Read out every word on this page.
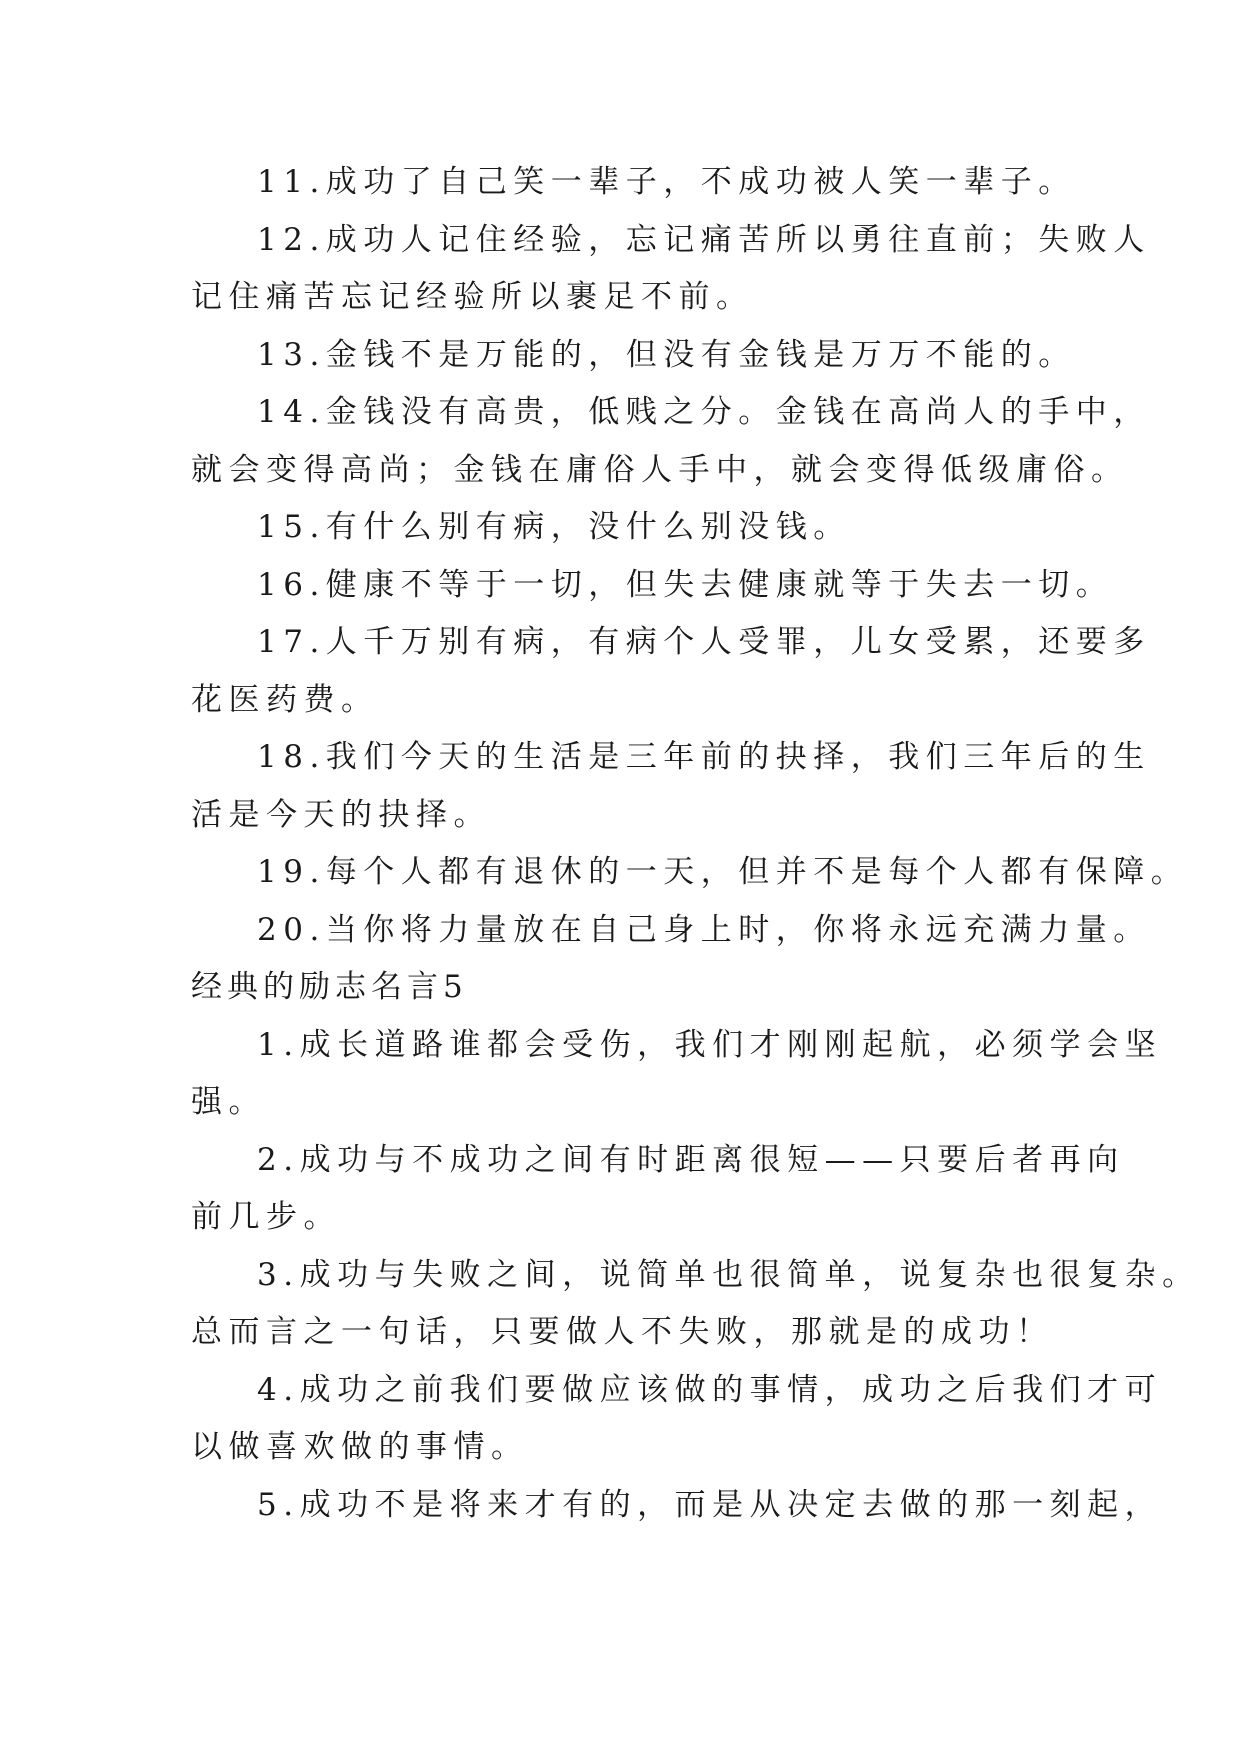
11.成功了自己笑一辈子，不成功被人笑一辈子。

12.成功人记住经验，忘记痛苦所以勇往直前；失败人

记住痛苦忘记经验所以裹足不前。

13.金钱不是万能的，但没有金钱是万万不能的。

14.金钱没有高贵，低贱之分。金钱在高尚人的手中，

就会变得高尚；金钱在庸俗人手中，就会变得低级庸俗。

15.有什么别有病，没什么别没钱。

16.健康不等于一切，但失去健康就等于失去一切。

17.人千万别有病，有病个人受罪，儿女受累，还要多

花医药费。

18.我们今天的生活是三年前的抉择，我们三年后的生

活是今天的抉择。

19.每个人都有退休的一天，但并不是每个人都有保障。

20.当你将力量放在自己身上时，你将永远充满力量。

经典的励志名言5

1.成长道路谁都会受伤，我们才刚刚起航，必须学会坚

强。

2.成功与不成功之间有时距离很短——只要后者再向

前几步。

3.成功与失败之间，说简单也很简单，说复杂也很复杂。

总而言之一句话，只要做人不失败，那就是的成功！

4.成功之前我们要做应该做的事情，成功之后我们才可

以做喜欢做的事情。

5.成功不是将来才有的，而是从决定去做的那一刻起，
